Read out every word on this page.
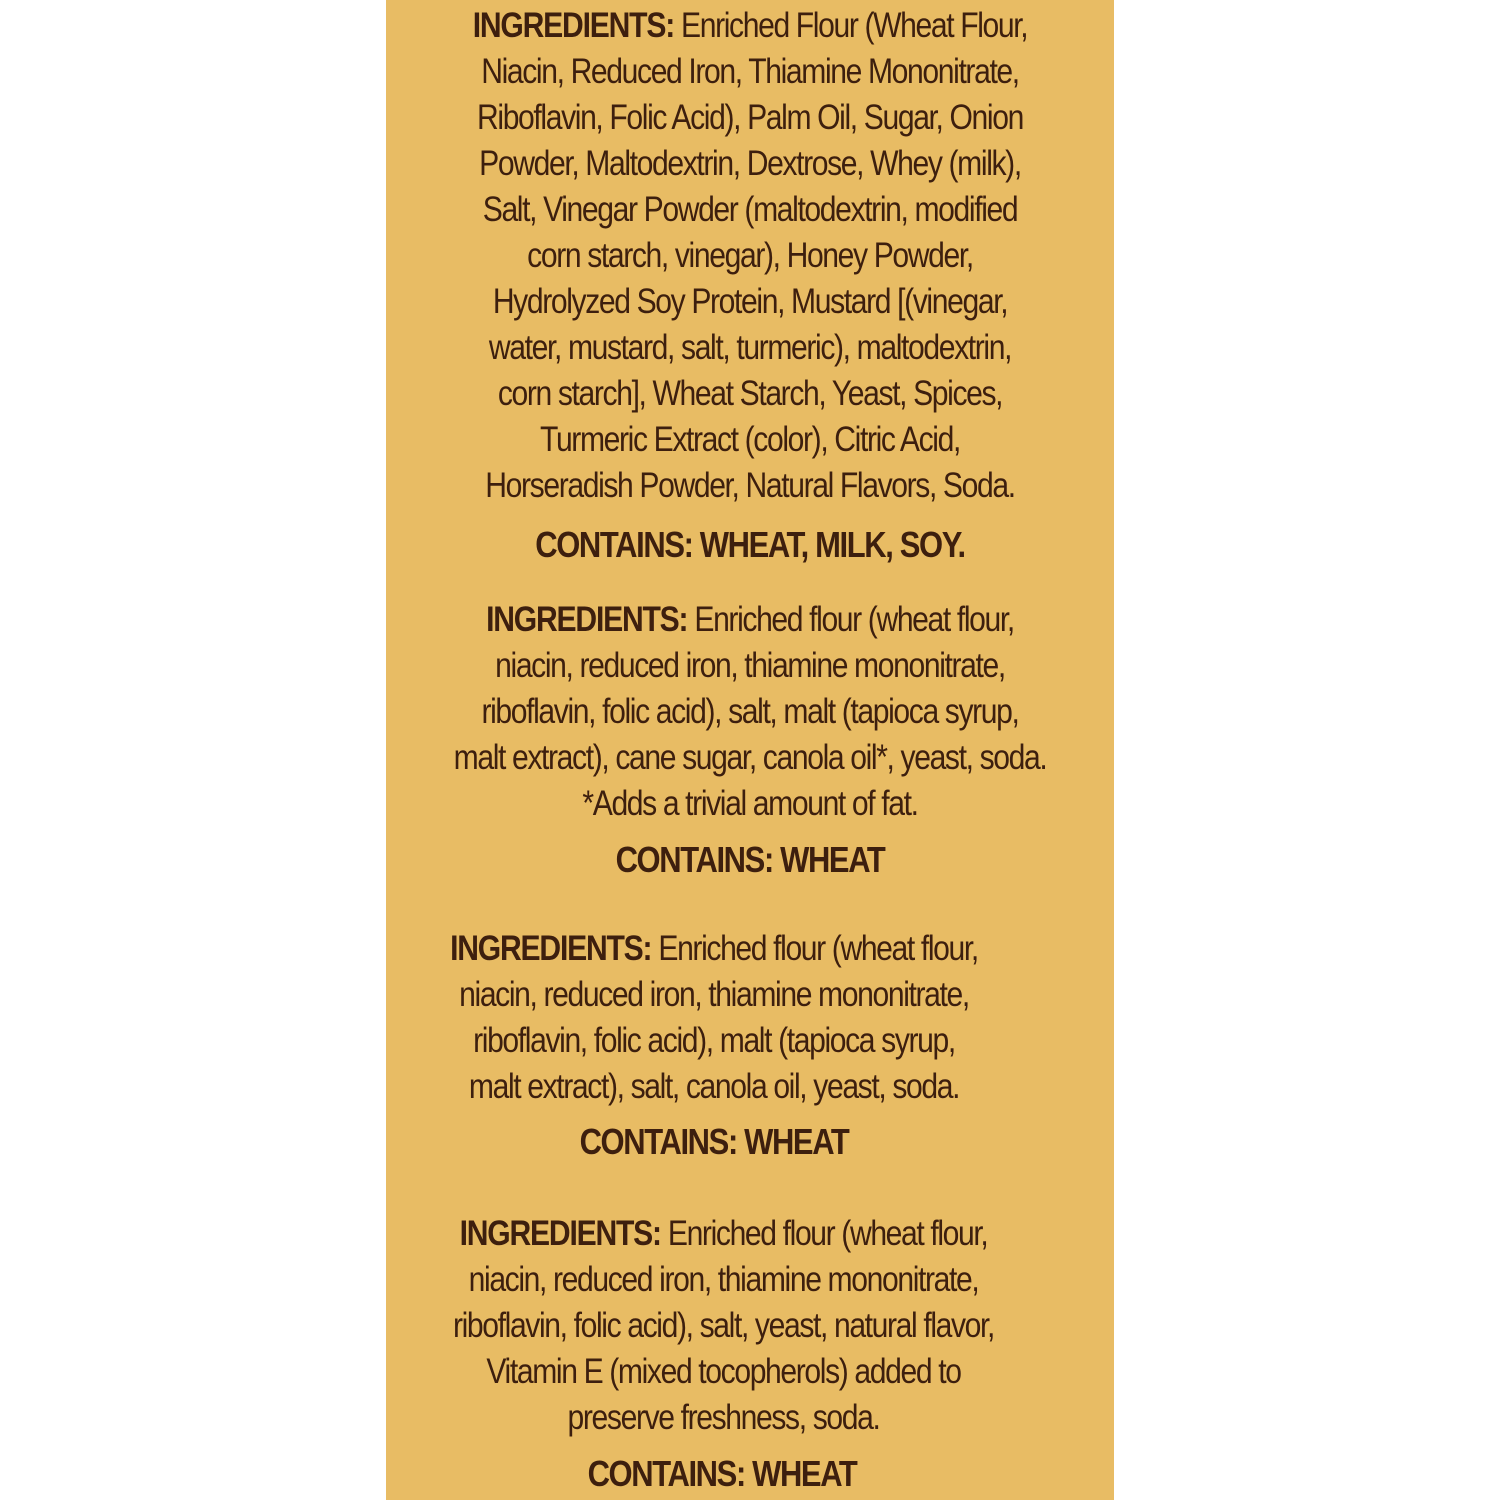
INGREDIENTS: Enriched Flour (Wheat Flour,
Niacin, Reduced Iron, Thiamine Mononitrate,
Riboflavin, Folic Acid), Palm Oil, Sugar, Onion
Powder, Maltodextrin, Dextrose, Whey (milk),
Salt, Vinegar Powder (maltodextrin, modified
corn starch, vinegar), Honey Powder,
Hydrolyzed Soy Protein, Mustard [(vinegar,
water, mustard, salt, turmeric), maltodextrin,
corn starch], Wheat Starch, Yeast, Spices,
Turmeric Extract (color), Citric Acid,
Horseradish Powder, Natural Flavors, Soda.
CONTAINS: WHEAT, MILK, SOY.
INGREDIENTS: Enriched flour (wheat flour,
niacin, reduced iron, thiamine mononitrate,
riboflavin, folic acid), salt, malt (tapioca syrup,
malt extract), cane sugar, canola oil*, yeast, soda.
*Adds a trivial amount of fat.
CONTAINS: WHEAT
INGREDIENTS: Enriched flour (wheat flour,
niacin, reduced iron, thiamine mononitrate,
riboflavin, folic acid), malt (tapioca syrup,
malt extract), salt, canola oil, yeast, soda.
CONTAINS: WHEAT
INGREDIENTS: Enriched flour (wheat flour,
niacin, reduced iron, thiamine mononitrate,
riboflavin, folic acid), salt, yeast, natural flavor,
Vitamin E (mixed tocopherols) added to
preserve freshness, soda.
CONTAINS: WHEAT
